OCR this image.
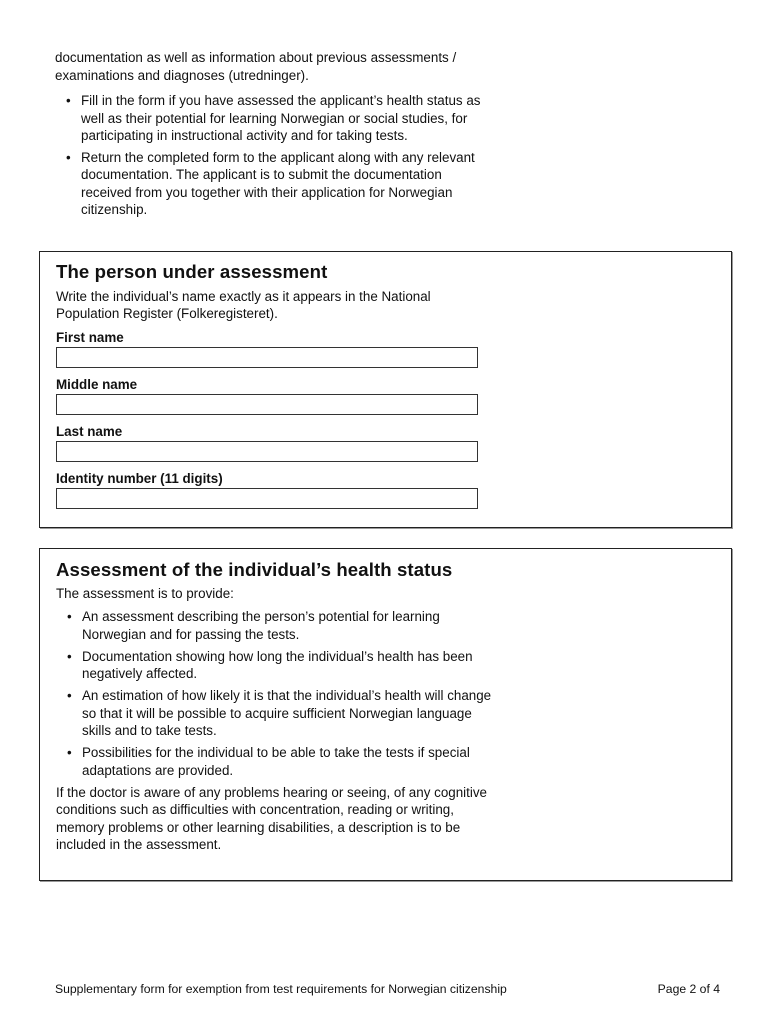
documentation as well as information about previous assessments / examinations and diagnoses (utredninger).

• Fill in the form if you have assessed the applicant’s health status as well as their potential for learning Norwegian or social studies, for participating in instructional activity and for taking tests.
• Return the completed form to the applicant along with any relevant documentation. The applicant is to submit the documentation received from you together with their application for Norwegian citizenship.
The person under assessment
Write the individual’s name exactly as it appears in the National Population Register (Folkeregisteret).
First name
Middle name
Last name
Identity number (11 digits)
Assessment of the individual’s health status

The assessment is to provide:

• An assessment describing the person’s potential for learning Norwegian and for passing the tests.
• Documentation showing how long the individual’s health has been negatively affected.
• An estimation of how likely it is that the individual’s health will change so that it will be possible to acquire sufficient Norwegian language skills and to take tests.
• Possibilities for the individual to be able to take the tests if special adaptations are provided.

If the doctor is aware of any problems hearing or seeing, of any cognitive conditions such as difficulties with concentration, reading or writing, memory problems or other learning disabilities, a description is to be included in the assessment.

Supplementary form for exemption from test requirements for Norwegian citizenship	Page 2 of 4
